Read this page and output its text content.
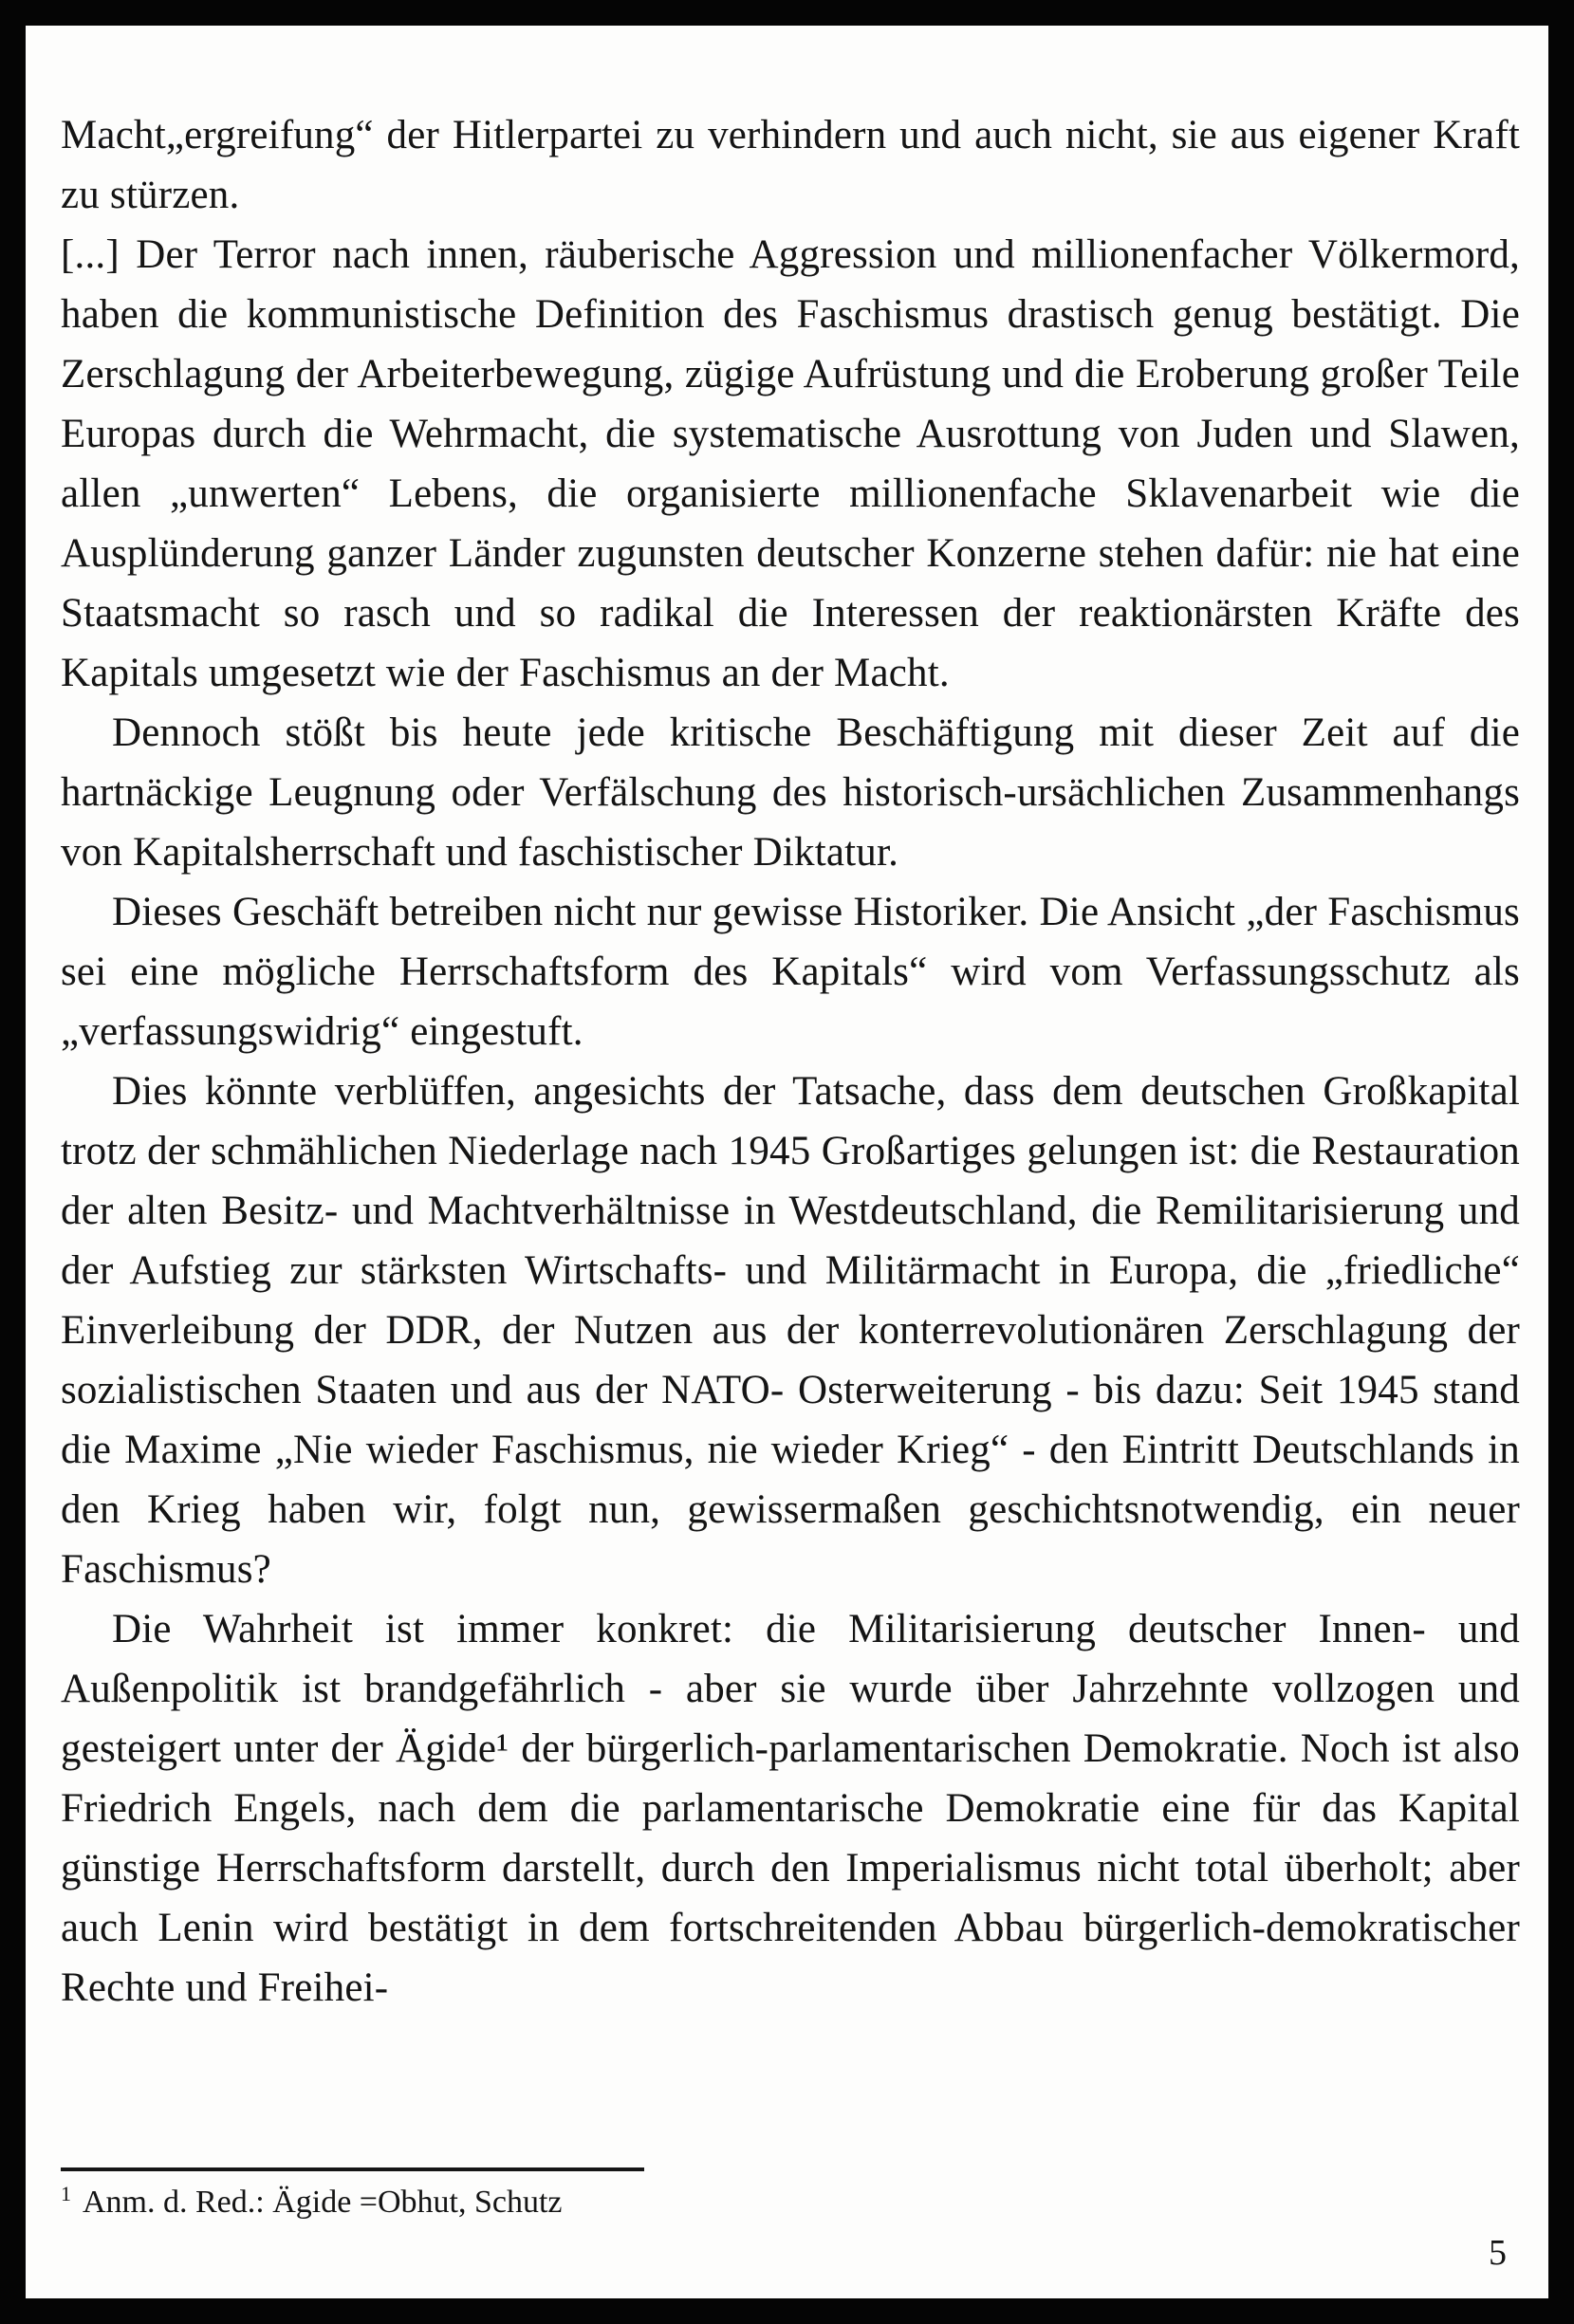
Macht„ergreifung“ der Hitlerpartei zu verhindern und auch nicht, sie aus eigener Kraft zu stürzen.

[...] Der Terror nach innen, räuberische Aggression und millionenfacher Völkermord, haben die kommunistische Definition des Faschismus drastisch genug bestätigt. Die Zerschlagung der Arbeiterbewegung, zügige Aufrüstung und die Eroberung großer Teile Europas durch die Wehrmacht, die systematische Ausrottung von Juden und Slawen, allen „unwerten“ Lebens, die organisierte millionenfache Sklavenarbeit wie die Ausplünderung ganzer Länder zugunsten deutscher Konzerne stehen dafür: nie hat eine Staatsmacht so rasch und so radikal die Interessen der reaktionärsten Kräfte des Kapitals umgesetzt wie der Faschismus an der Macht.

Dennoch stößt bis heute jede kritische Beschäftigung mit dieser Zeit auf die hartnäckige Leugnung oder Verfälschung des historisch-ursächlichen Zusammenhangs von Kapitalsherrschaft und faschistischer Diktatur.

Dieses Geschäft betreiben nicht nur gewisse Historiker. Die Ansicht „der Faschismus sei eine mögliche Herrschaftsform des Kapitals“ wird vom Verfassungsschutz als „verfassungswidrig“ eingestuft.

Dies könnte verblüffen, angesichts der Tatsache, dass dem deutschen Großkapital trotz der schmählichen Niederlage nach 1945 Großartiges gelungen ist: die Restauration der alten Besitz- und Machtverhältnisse in Westdeutschland, die Remilitarisierung und der Aufstieg zur stärksten Wirtschafts- und Militärmacht in Europa, die „friedliche“ Einverleibung der DDR, der Nutzen aus der konterrevolutionären Zerschlagung der sozialistischen Staaten und aus der NATO- Osterweiterung - bis dazu: Seit 1945 stand die Maxime „Nie wieder Faschismus, nie wieder Krieg“ - den Eintritt Deutschlands in den Krieg haben wir, folgt nun, gewissermaßen geschichtsnotwendig, ein neuer Faschismus?

Die Wahrheit ist immer konkret: die Militarisierung deutscher Innen- und Außenpolitik ist brandgefährlich - aber sie wurde über Jahrzehnte vollzogen und gesteigert unter der Ägide¹ der bürgerlich-parlamentarischen Demokratie. Noch ist also Friedrich Engels, nach dem die parlamentarische Demokratie eine für das Kapital günstige Herrschaftsform darstellt, durch den Imperialismus nicht total überholt; aber auch Lenin wird bestätigt in dem fortschreitenden Abbau bürgerlich-demokratischer Rechte und Freihei-

$^1$ Anm. d. Red.: Ägide =Obhut, Schutz

5
